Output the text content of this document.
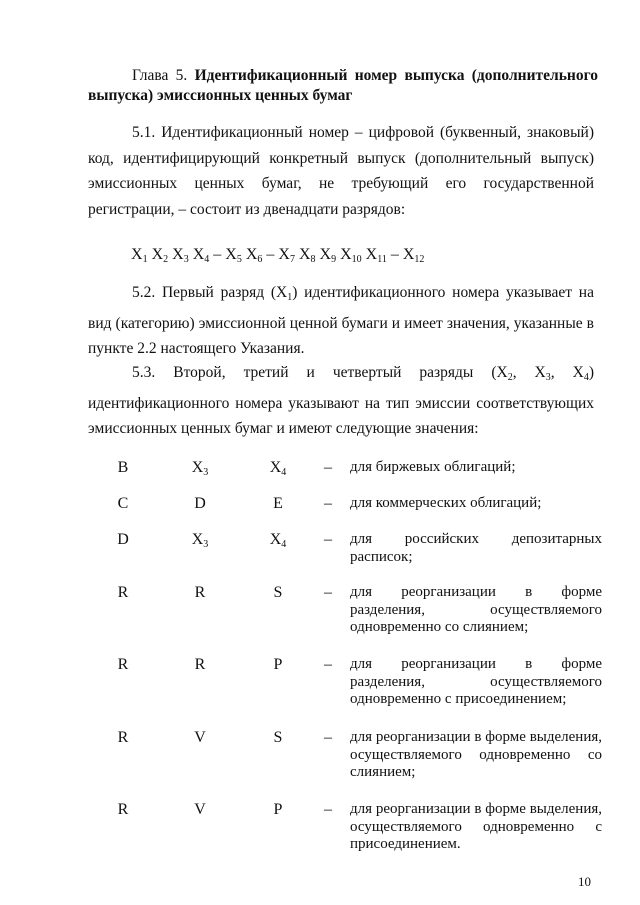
Глава 5. Идентификационный номер выпуска (дополнительного выпуска) эмиссионных ценных бумаг

5.1. Идентификационный номер – цифровой (буквенный, знаковый) код, идентифицирующий конкретный выпуск (дополнительный выпуск) эмиссионных ценных бумаг, не требующий его государственной регистрации, – состоит из двенадцати разрядов:

$X_1$ $X_2$ $X_3$ $X_4 - X_5$ $X_6 - X_7$ $X_8$ $X_9$ $X_{10}$ $X_{11} - X_{12}$

5.2. Первый разряд $(X_1)$ идентификационного номера указывает на вид (категорию) эмиссионной ценной бумаги и имеет значения, указанные в пункте 2.2 настоящего Указания.

5.3. Второй, третий и четвертый разряды ($X_2$, $X_3$, $X_4$) идентификационного номера указывают на тип эмиссии соответствующих эмиссионных ценных бумаг и имеют следующие значения:

B	$X_3$	$X_4$	–	для биржевых облигаций;

C	D	E	–	для коммерческих облигаций;

D	$X_3$	$X_4$	–	для российских депозитарных расписок;

R	R	S	–	для реорганизации в форме разделения, осуществляемого одновременно со слиянием;

R	R	P	–	для реорганизации в форме разделения, осуществляемого одновременно с присоединением;

R	V	S	–	для реорганизации в форме выделения, осуществляемого одновременно со слиянием;

R	V	P	–	для реорганизации в форме выделения, осуществляемого одновременно с присоединением.

10
